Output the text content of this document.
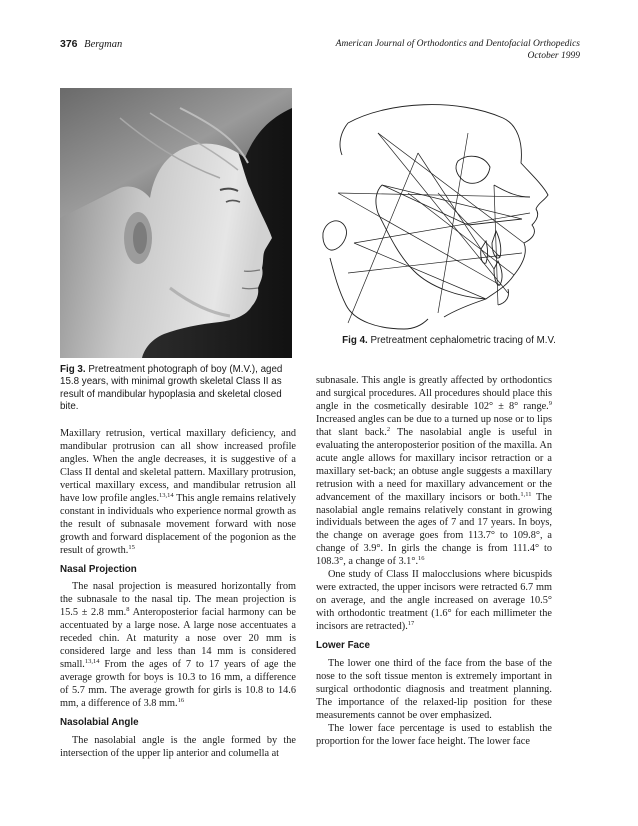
376 Bergman	American Journal of Orthodontics and Dentofacial Orthopedics
October 1999
Fig 3. Pretreatment photograph of boy (M.V.), aged 15.8 years, with minimal growth skeletal Class II as result of mandibular hypoplasia and skeletal closed bite.
Fig 4. Pretreatment cephalometric tracing of M.V.

Maxillary retrusion, vertical maxillary deficiency, and mandibular protrusion can all show increased profile angles. When the angle decreases, it is suggestive of a Class II dental and skeletal pattern. Maxillary protrusion, vertical maxillary excess, and mandibular retrusion all have low profile angles.$^{13,14}$ This angle remains relatively constant in individuals who experience normal growth as the result of subnasale movement forward with nose growth and forward displacement of the pogonion as the result of growth.$^{15}$

Nasal Projection

The nasal projection is measured horizontally from the subnasale to the nasal tip. The mean projection is 15.5 ± 2.8 mm.$^8$ Anteroposterior facial harmony can be accentuated by a large nose. A large nose accentuates a receded chin. At maturity a nose over 20 mm is considered large and less than 14 mm is considered small.$^{13,14}$ From the ages of 7 to 17 years of age the average growth for boys is 10.3 to 16 mm, a difference of 5.7 mm. The average growth for girls is 10.8 to 14.6 mm, a difference of 3.8 mm.$^{16}$

Nasolabial Angle

The nasolabial angle is the angle formed by the intersection of the upper lip anterior and columella at

subnasale. This angle is greatly affected by orthodontics and surgical procedures. All procedures should place this angle in the cosmetically desirable 102° ± 8° range.$^9$ Increased angles can be due to a turned up nose or to lips that slant back.$^2$ The nasolabial angle is useful in evaluating the anteroposterior position of the maxilla. An acute angle allows for maxillary incisor retraction or a maxillary set-back; an obtuse angle suggests a maxillary retrusion with a need for maxillary advancement or the advancement of the maxillary incisors or both.$^{1,11}$ The nasolabial angle remains relatively constant in growing individuals between the ages of 7 and 17 years. In boys, the change on average goes from 113.7° to 109.8°, a change of 3.9°. In girls the change is from 111.4° to 108.3°, a change of 3.1°.$^{16}$

One study of Class II malocclusions where bicuspids were extracted, the upper incisors were retracted 6.7 mm on average, and the angle increased on average 10.5° with orthodontic treatment (1.6° for each millimeter the incisors are retracted).$^{17}$

Lower Face

The lower one third of the face from the base of the nose to the soft tissue menton is extremely important in surgical orthodontic diagnosis and treatment planning. The importance of the relaxed-lip position for these measurements cannot be over emphasized.

The lower face percentage is used to establish the proportion for the lower face height. The lower face
